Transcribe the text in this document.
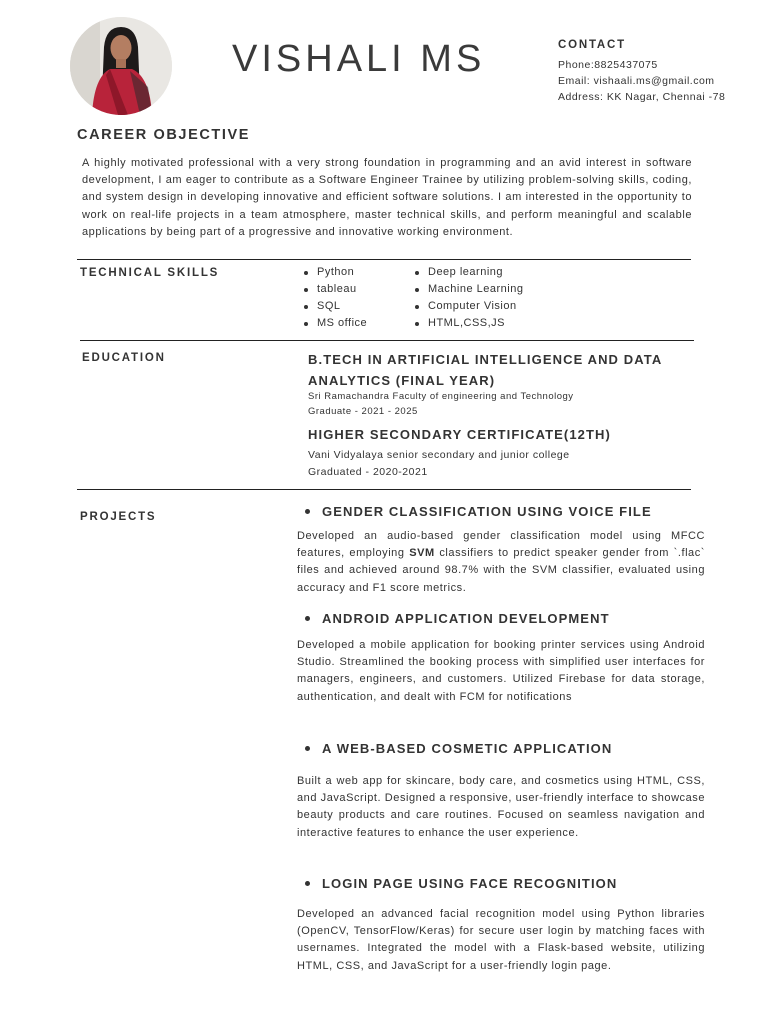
VISHALI MS	CONTACT
Phone:8825437075
Email: vishaali.ms@gmail.com
Address: KK Nagar, Chennai -78
CAREER OBJECTIVE
A highly motivated professional with a very strong foundation in programming and an avid interest in software development, I am eager to contribute as a Software Engineer Trainee by utilizing problem-solving skills, coding, and system design in developing innovative and efficient software solutions. I am interested in the opportunity to work on real-life projects in a team atmosphere, master technical skills, and perform meaningful and scalable applications by being part of a progressive and innovative working environment.
TECHNICAL SKILLS	Python
tableau
SQL
MS office
Deep learning
Machine Learning
Computer Vision
HTML,CSS,JS
EDUCATION	B.TECH IN ARTIFICIAL INTELLIGENCE AND DATA ANALYTICS (FINAL YEAR)
Sri Ramachandra Faculty of engineering and Technology
Graduate - 2021 - 2025
HIGHER SECONDARY CERTIFICATE(12TH)
Vani Vidyalaya senior secondary and junior college
Graduated - 2020-2021
PROJECTS	GENDER CLASSIFICATION USING VOICE FILE
Developed an audio-based gender classification model using MFCC features, employing SVM classifiers to predict speaker gender from `.flac` files and achieved around 98.7% with the SVM classifier, evaluated using accuracy and F1 score metrics.
ANDROID APPLICATION DEVELOPMENT
Developed a mobile application for booking printer services using Android Studio. Streamlined the booking process with simplified user interfaces for managers, engineers, and customers. Utilized Firebase for data storage, authentication, and dealt with FCM for notifications
A WEB-BASED COSMETIC APPLICATION
Built a web app for skincare, body care, and cosmetics using HTML, CSS, and JavaScript. Designed a responsive, user-friendly interface to showcase beauty products and care routines. Focused on seamless navigation and interactive features to enhance the user experience.
LOGIN PAGE USING FACE RECOGNITION
Developed an advanced facial recognition model using Python libraries (OpenCV, TensorFlow/Keras) for secure user login by matching faces with usernames. Integrated the model with a Flask-based website, utilizing HTML, CSS, and JavaScript for a user-friendly login page.
